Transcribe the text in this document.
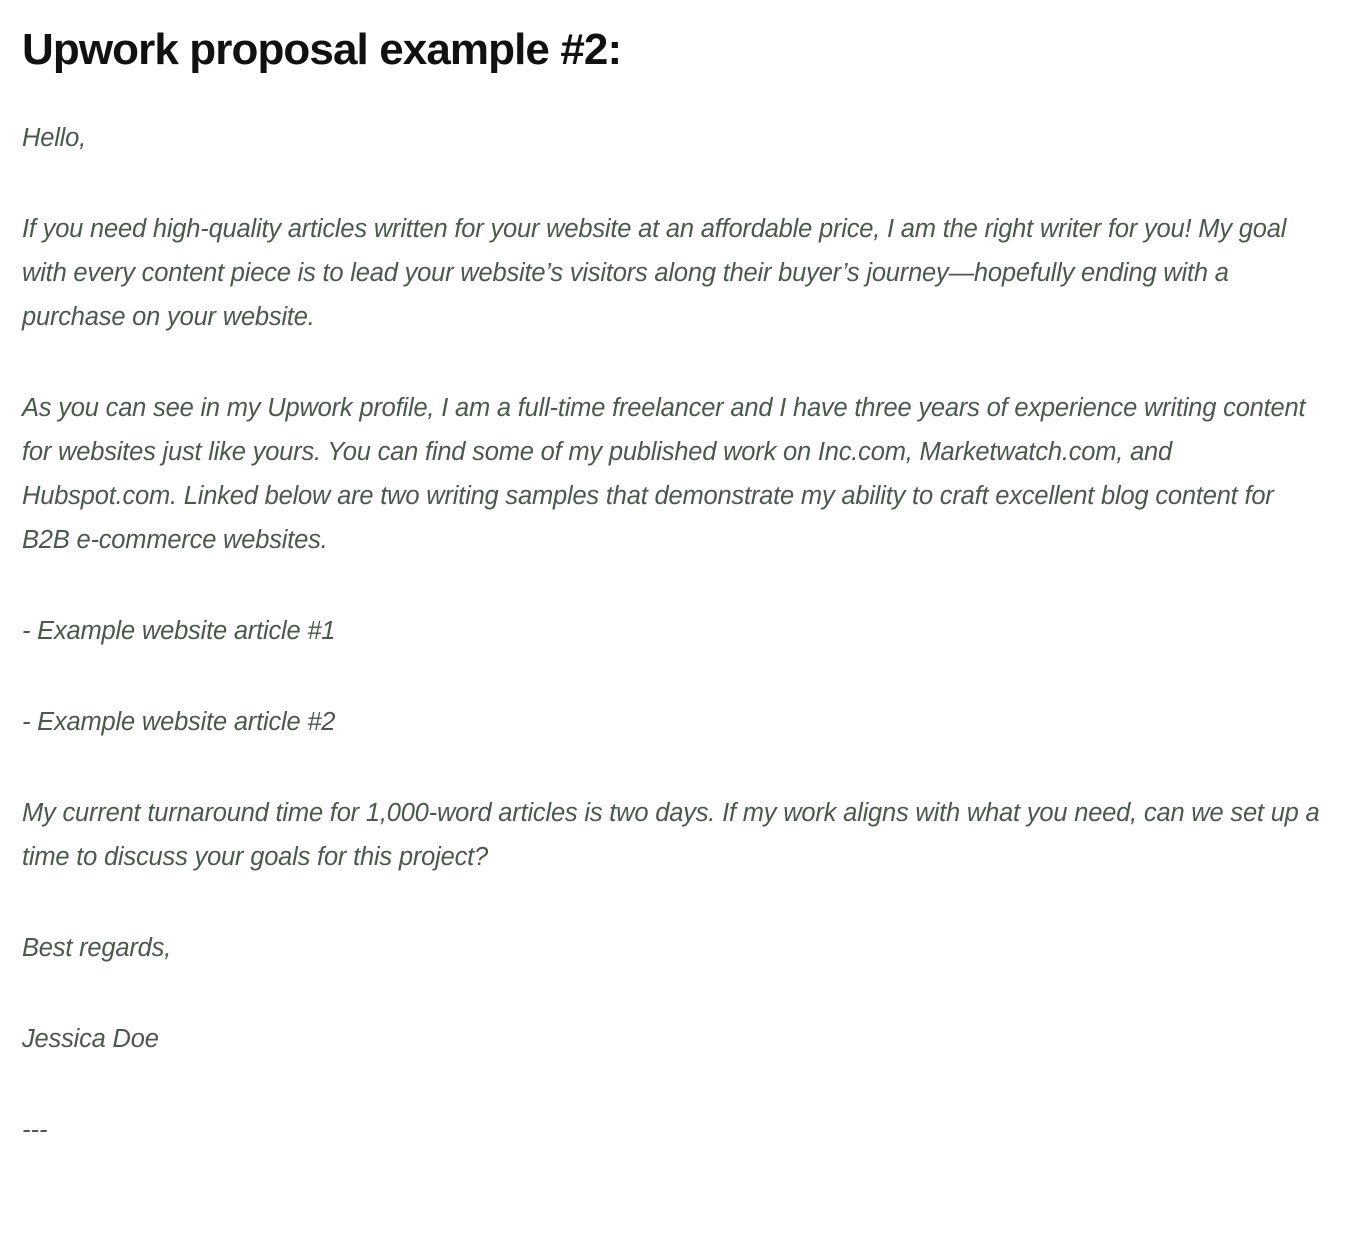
Upwork proposal example #2:

Hello,

If you need high-quality articles written for your website at an affordable price, I am the right writer for you! My goal with every content piece is to lead your website’s visitors along their buyer’s journey—hopefully ending with a purchase on your website.

As you can see in my Upwork profile, I am a full-time freelancer and I have three years of experience writing content for websites just like yours. You can find some of my published work on Inc.com, Marketwatch.com, and Hubspot.com. Linked below are two writing samples that demonstrate my ability to craft excellent blog content for B2B e-commerce websites.

- Example website article #1

- Example website article #2

My current turnaround time for 1,000-word articles is two days. If my work aligns with what you need, can we set up a time to discuss your goals for this project?

Best regards,

Jessica Doe

---
